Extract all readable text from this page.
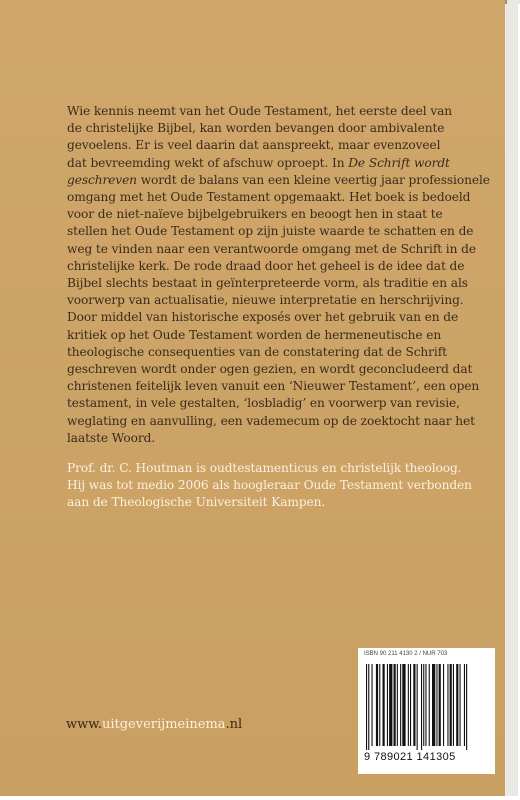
Wie kennis neemt van het Oude Testament, het eerste deel van
de christelijke Bijbel, kan worden bevangen door ambivalente
gevoelens. Er is veel daarin dat aanspreekt, maar evenzoveel
dat bevreemding wekt of afschuw oproept. In De Schrift wordt
geschreven wordt de balans van een kleine veertig jaar professionele
omgang met het Oude Testament opgemaakt. Het boek is bedoeld
voor de niet-naïeve bijbelgebruikers en beoogt hen in staat te
stellen het Oude Testament op zijn juiste waarde te schatten en de
weg te vinden naar een verantwoorde omgang met de Schrift in de
christelijke kerk. De rode draad door het geheel is de idee dat de
Bijbel slechts bestaat in geïnterpreteerde vorm, als traditie en als
voorwerp van actualisatie, nieuwe interpretatie en herschrijving.
Door middel van historische exposés over het gebruik van en de
kritiek op het Oude Testament worden de hermeneutische en
theologische consequenties van de constatering dat de Schrift
geschreven wordt onder ogen gezien, en wordt geconcludeerd dat
christenen feitelijk leven vanuit een ‘Nieuwer Testament’, een open
testament, in vele gestalten, ‘losbladig’ en voorwerp van revisie,
weglating en aanvulling, een vademecum op de zoektocht naar het
laatste Woord.
Prof. dr. C. Houtman is oudtestamenticus en christelijk theoloog.
Hij was tot medio 2006 als hoogleraar Oude Testament verbonden
aan de Theologische Universiteit Kampen.
ISBN 90 211 4130 2 / NUR 703
9 789021 141305
www.uitgeverijmeinema.nl
